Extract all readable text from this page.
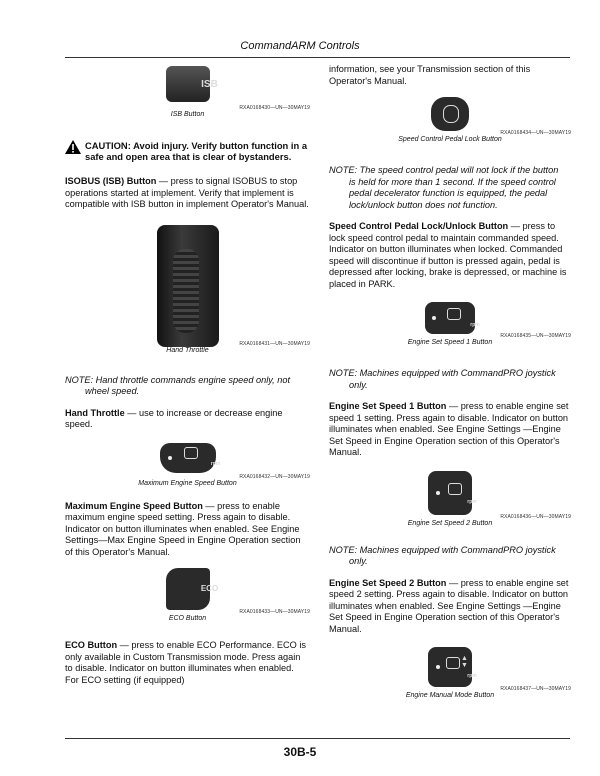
CommandARM Controls
ISB
RXA0168430—UN—30MAY19
ISB Button
CAUTION: Avoid injury. Verify button function in a safe and open area that is clear of bystanders.

ISOBUS (ISB) Button — press to signal ISOBUS to stop operations started at implement. Verify that implement is compatible with ISB button in implement Operator's Manual.

RXA0168431—UN—30MAY19
Hand Throttle
NOTE: Hand throttle commands engine speed only, not
wheel speed.

Hand Throttle — use to increase or decrease engine speed.

rpm
RXA0168432—UN—30MAY19
Maximum Engine Speed Button

Maximum Engine Speed Button — press to enable maximum engine speed setting. Press again to disable. Indicator on button illuminates when enabled. See Engine Settings—Max Engine Speed in Engine Operation section of this Operator's Manual.

ECO
RXA0168433—UN—30MAY19
ECO Button

ECO Button — press to enable ECO Performance. ECO is only available in Custom Transmission mode. Press again to disable. Indicator on button illuminates when enabled. For ECO setting (if equipped)

information, see your Transmission section of this Operator's Manual.

RXA0168434—UN—30MAY19
Speed Control Pedal Lock Button
NOTE: The speed control pedal will not lock if the button
is held for more than 1 second. If the speed control pedal decelerator function is equipped, the pedal lock/unlock button does not function.

Speed Control Pedal Lock/Unlock Button — press to lock speed control pedal to maintain commanded speed. Indicator on button illuminates when locked. Commanded speed will discontinue if button is pressed again, pedal is depressed after locking, brake is depressed, or machine is placed in PARK.

rpm
RXA0168435—UN—30MAY19
Engine Set Speed 1 Button
NOTE: Machines equipped with CommandPRO joystick
only.

Engine Set Speed 1 Button — press to enable engine set speed 1 setting. Press again to disable. Indicator on button illuminates when enabled. See Engine Settings —Engine Set Speed in Engine Operation section of this Operator's Manual.

rpm
RXA0168436—UN—30MAY19
Engine Set Speed 2 Button
NOTE: Machines equipped with CommandPRO joystick
only.

Engine Set Speed 2 Button — press to enable engine set speed 2 setting. Press again to disable. Indicator on button illuminates when enabled. See Engine Settings —Engine Set Speed in Engine Operation section of this Operator's Manual.

▲
▼
rpm
RXA0168437—UN—30MAY19
Engine Manual Mode Button
30B-5
